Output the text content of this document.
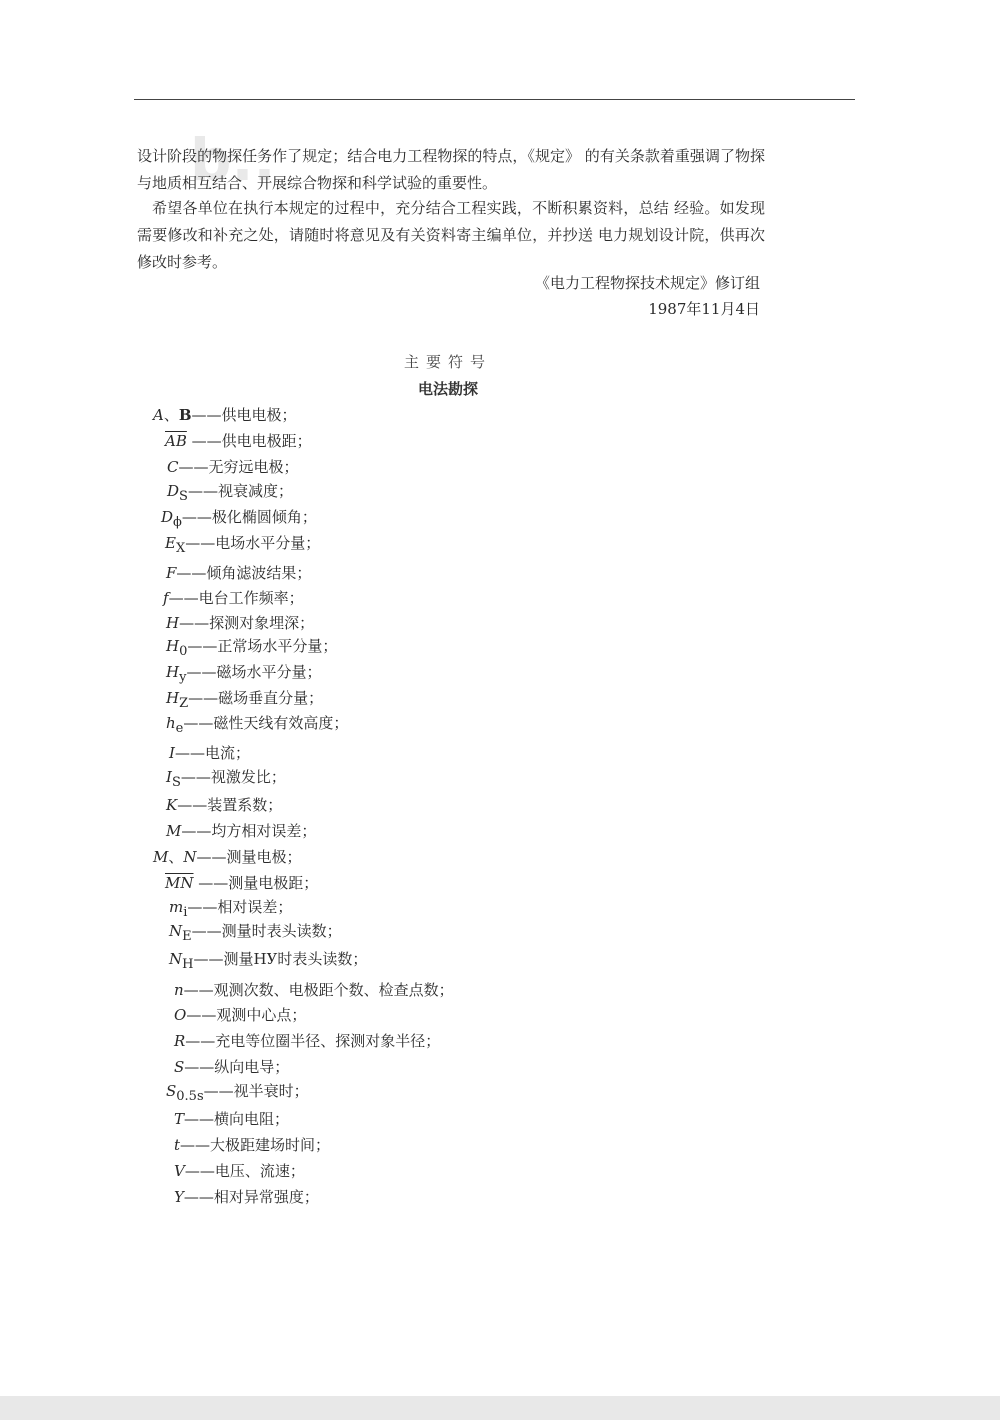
b..

设计阶段的物探任务作了规定；结合电力工程物探的特点，《规定》 的有关条款着重强调了物探与地质相互结合、开展综合物探和科学试验的重要性。

希望各单位在执行本规定的过程中，充分结合工程实践，不断积累资料，总结 经验。如发现需要修改和补充之处，请随时将意见及有关资料寄主编单位，并抄送 电力规划设计院，供再次修改时参考。

《电力工程物探技术规定》修订组
1987年11月4日
主要符号
电法勘探
A、B——供电电极；
$\overline{AB}$ ——供电电极距；
C——无穷远电极；
$D_S——$视衰减度；
$D_\phi——$极化椭圆倾角；
$E_X——$电场水平分量；
F——倾角滤波结果；
f——电台工作频率；
H——探测对象埋深；
$H_0——$正常场水平分量；
$H_y——$磁场水平分量；
$H_Z——$磁场垂直分量；
$h_e——$磁性天线有效高度；
I——电流；
$I_S——$视激发比；
K——装置系数；
M——均方相对误差；
M、N——测量电极；
$\overline{MN}$ ——测量电极距；
$m_i——$相对误差；
$N_E——$测量时表头读数；
$N_H——$测量HУ时表头读数；
n——观测次数、电极距个数、检查点数；
O——观测中心点；
R——充电等位圈半径、探测对象半径；
S——纵向电导；
$S_{0.5s}——$视半衰时；
T——横向电阻；
t——大极距建场时间；
V——电压、流速；
Y——相对异常强度；
